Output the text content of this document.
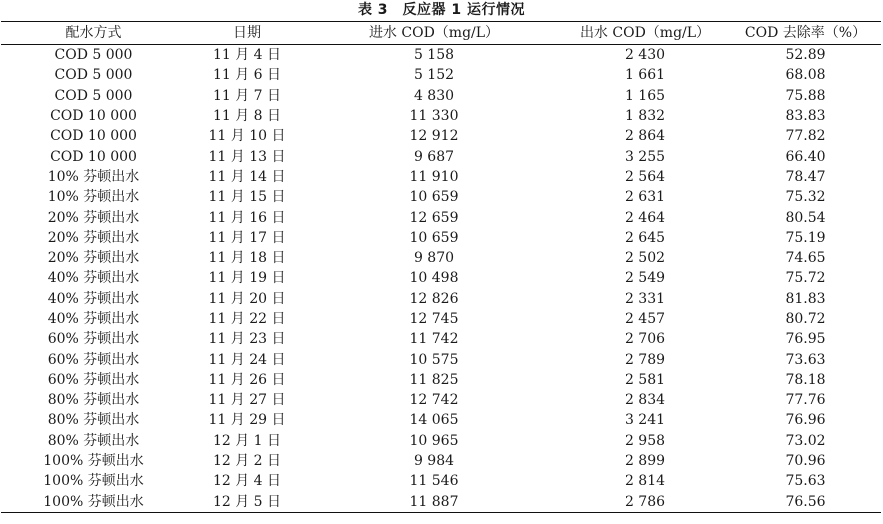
表 3　反应器 1 运行情况
配水方式	日期	进水 COD（mg/L）	出水 COD（mg/L）	COD 去除率（%）
COD 5 000	11 月 4 日	5 158	2 430	52.89
COD 5 000	11 月 6 日	5 152	1 661	68.08
COD 5 000	11 月 7 日	4 830	1 165	75.88
COD 10 000	11 月 8 日	11 330	1 832	83.83
COD 10 000	11 月 10 日	12 912	2 864	77.82
COD 10 000	11 月 13 日	9 687	3 255	66.40
10% 芬顿出水	11 月 14 日	11 910	2 564	78.47
10% 芬顿出水	11 月 15 日	10 659	2 631	75.32
20% 芬顿出水	11 月 16 日	12 659	2 464	80.54
20% 芬顿出水	11 月 17 日	10 659	2 645	75.19
20% 芬顿出水	11 月 18 日	9 870	2 502	74.65
40% 芬顿出水	11 月 19 日	10 498	2 549	75.72
40% 芬顿出水	11 月 20 日	12 826	2 331	81.83
40% 芬顿出水	11 月 22 日	12 745	2 457	80.72
60% 芬顿出水	11 月 23 日	11 742	2 706	76.95
60% 芬顿出水	11 月 24 日	10 575	2 789	73.63
60% 芬顿出水	11 月 26 日	11 825	2 581	78.18
80% 芬顿出水	11 月 27 日	12 742	2 834	77.76
80% 芬顿出水	11 月 29 日	14 065	3 241	76.96
80% 芬顿出水	12 月 1 日	10 965	2 958	73.02
100% 芬顿出水	12 月 2 日	9 984	2 899	70.96
100% 芬顿出水	12 月 4 日	11 546	2 814	75.63
100% 芬顿出水	12 月 5 日	11 887	2 786	76.56
